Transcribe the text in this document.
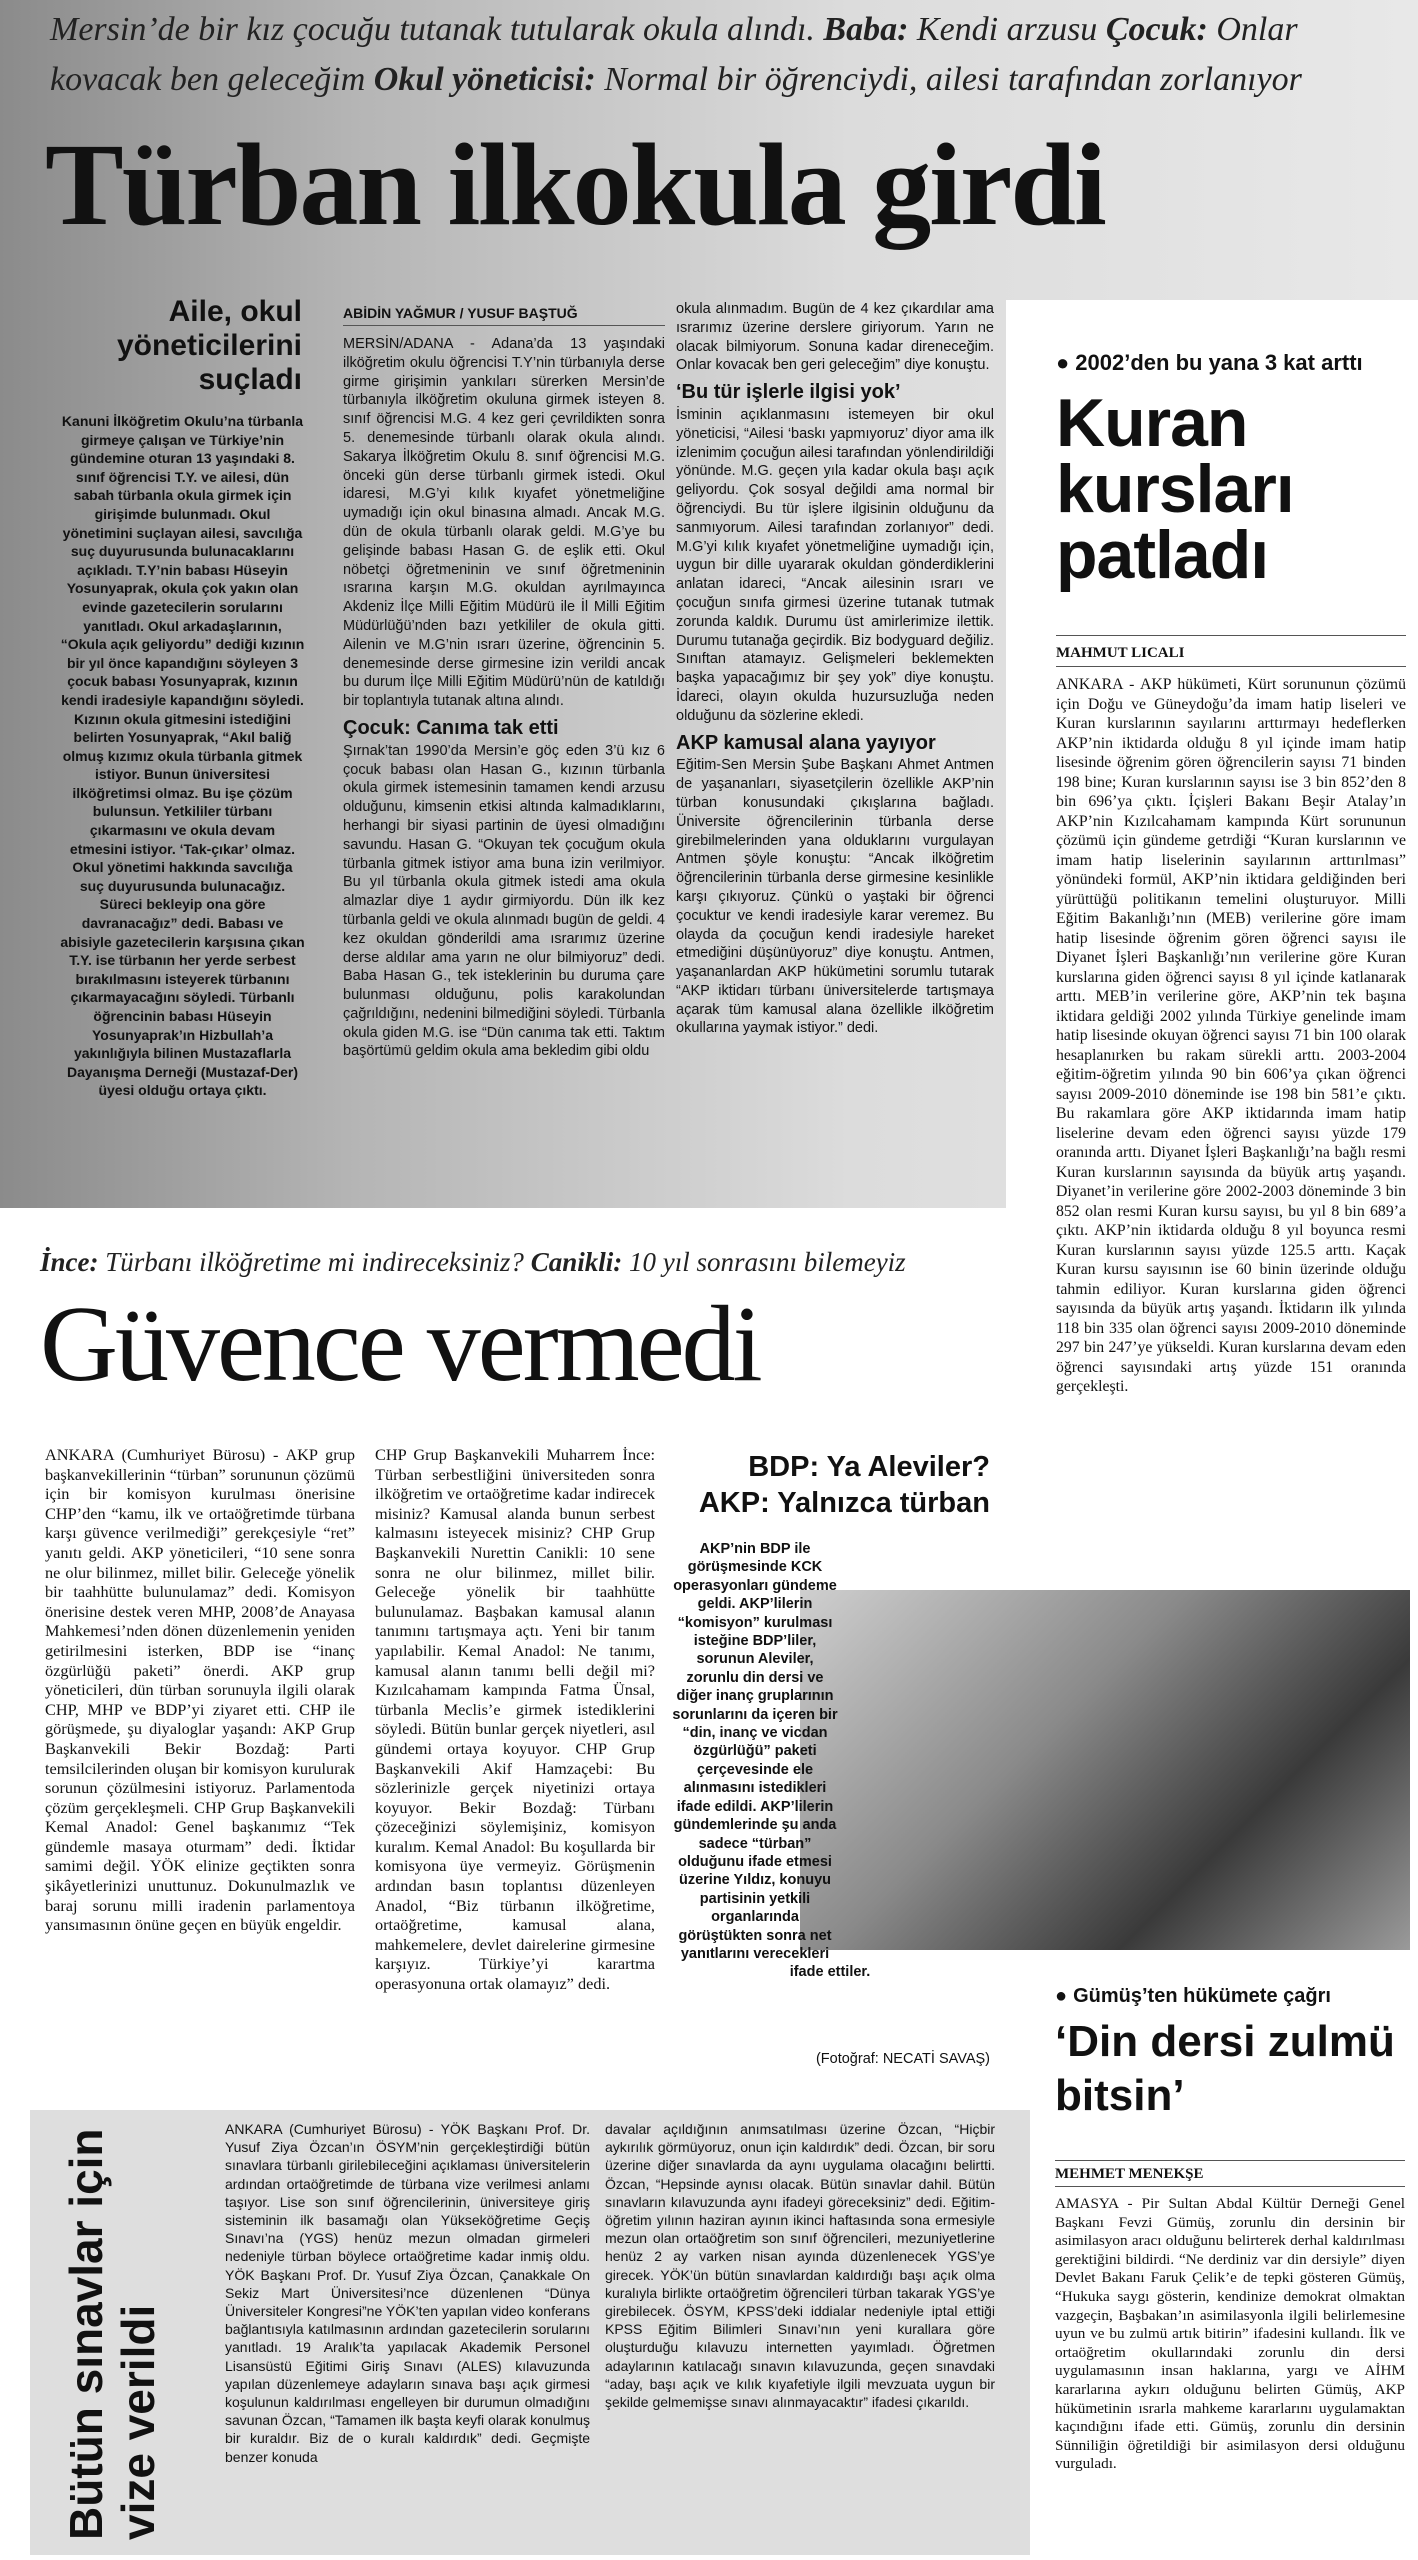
Mersin’de bir kız çocuğu tutanak tutularak okula alındı. Baba: Kendi arzusu Çocuk: Onlar
kovacak ben geleceğim Okul yöneticisi: Normal bir öğrenciydi, ailesi tarafından zorlanıyor
Türban ilkokula girdi
Aile, okul yöneticilerini suçladı
Kanuni İlköğretim Okulu’na türbanla girmeye çalışan ve Türkiye’nin gündemine oturan 13 yaşındaki 8. sınıf öğrencisi T.Y. ve ailesi, dün sabah türbanla okula girmek için girişimde bulunmadı. Okul yönetimini suçlayan ailesi, savcılığa suç duyurusunda bulunacaklarını açıkladı. T.Y’nin babası Hüseyin Yosunyaprak, okula çok yakın olan evinde gazetecilerin sorularını yanıtladı. Okul arkadaşlarının, “Okula açık geliyordu” dediği kızının bir yıl önce kapandığını söyleyen 3 çocuk babası Yosunyaprak, kızının kendi iradesiyle kapandığını söyledi. Kızının okula gitmesini istediğini belirten Yosunyaprak, “Akıl baliğ olmuş kızımız okula türbanla gitmek istiyor. Bunun üniversitesi ilköğretimsi olmaz. Bu işe çözüm bulunsun. Yetkililer türbanı çıkarmasını ve okula devam etmesini istiyor. ‘Tak-çıkar’ olmaz. Okul yönetimi hakkında savcılığa suç duyurusunda bulunacağız. Süreci bekleyip ona göre davranacağız” dedi. Babası ve abisiyle gazetecilerin karşısına çıkan T.Y. ise türbanın her yerde serbest bırakılmasını isteyerek türbanını çıkarmayacağını söyledi. Türbanlı öğrencinin babası Hüseyin Yosunyaprak’ın Hizbullah’a yakınlığıyla bilinen Mustazaflarla Dayanışma Derneği (Mustazaf-Der) üyesi olduğu ortaya çıktı.
ABİDİN YAĞMUR / YUSUF BAŞTUĞ

MERSİN/ADANA - Adana’da 13 yaşındaki ilköğretim okulu öğrencisi T.Y’nin türbanıyla derse girme girişimin yankıları sürerken Mersin’de türbanıyla ilköğretim okuluna girmek isteyen 8. sınıf öğrencisi M.G. 4 kez geri çevrildikten sonra 5. denemesinde türbanlı olarak okula alındı. Sakarya İlköğretim Okulu 8. sınıf öğrencisi M.G. önceki gün derse türbanlı girmek istedi. Okul idaresi, M.G’yi kılık kıyafet yönetmeliğine uymadığı için okul binasına almadı. Ancak M.G. dün de okula türbanlı olarak geldi. M.G’ye bu gelişinde babası Hasan G. de eşlik etti. Okul nöbetçi öğretmeninin ve sınıf öğretmeninin ısrarına karşın M.G. okuldan ayrılmayınca Akdeniz İlçe Milli Eğitim Müdürü ile İl Milli Eğitim Müdürlüğü’nden bazı yetkililer de okula gitti. Ailenin ve M.G’nin ısrarı üzerine, öğrencinin 5. denemesinde derse girmesine izin verildi ancak bu durum İlçe Milli Eğitim Müdürü’nün de katıldığı bir toplantıyla tutanak altına alındı.

Çocuk: Canıma tak etti

Şırnak’tan 1990’da Mersin’e göç eden 3’ü kız 6 çocuk babası olan Hasan G., kızının türbanla okula girmek istemesinin tamamen kendi arzusu olduğunu, kimsenin etkisi altında kalmadıklarını, herhangi bir siyasi partinin de üyesi olmadığını savundu. Hasan G. “Okuyan tek çocuğum okula türbanla gitmek istiyor ama buna izin verilmiyor. Bu yıl türbanla okula gitmek istedi ama okula almazlar diye 1 aydır girmiyordu. Dün ilk kez türbanla geldi ve okula alınmadı bugün de geldi. 4 kez okuldan gönderildi ama ısrarımız üzerine derse aldılar ama yarın ne olur bilmiyoruz” dedi. Baba Hasan G., tek isteklerinin bu duruma çare bulunması olduğunu, polis karakolundan çağrıldığını, nedenini bilmediğini söyledi. Türbanla okula giden M.G. ise “Dün canıma tak etti. Taktım başörtümü geldim okula ama bekledim gibi oldu

okula alınmadım. Bugün de 4 kez çıkardılar ama ısrarımız üzerine derslere giriyorum. Yarın ne olacak bilmiyorum. Sonuna kadar direneceğim. Onlar kovacak ben geri geleceğim” diye konuştu.

‘Bu tür işlerle ilgisi yok’

İsminin açıklanmasını istemeyen bir okul yöneticisi, “Ailesi ‘baskı yapmıyoruz’ diyor ama ilk izlenimim çocuğun ailesi tarafından yönlendirildiği yönünde. M.G. geçen yıla kadar okula başı açık geliyordu. Çok sosyal değildi ama normal bir öğrenciydi. Bu tür işlere ilgisinin olduğunu da sanmıyorum. Ailesi tarafından zorlanıyor” dedi. M.G’yi kılık kıyafet yönetmeliğine uymadığı için, uygun bir dille uyararak okuldan gönderdiklerini anlatan idareci, “Ancak ailesinin ısrarı ve çocuğun sınıfa girmesi üzerine tutanak tutmak zorunda kaldık. Durumu üst amirlerimize ilettik. Durumu tutanağa geçirdik. Biz bodyguard değiliz. Sınıftan atamayız. Gelişmeleri beklemekten başka yapacağımız bir şey yok” diye konuştu. İdareci, olayın okulda huzursuzluğa neden olduğunu da sözlerine ekledi.

AKP kamusal alana yayıyor

Eğitim-Sen Mersin Şube Başkanı Ahmet Antmen de yaşananları, siyasetçilerin özellikle AKP’nin türban konusundaki çıkışlarına bağladı. Üniversite öğrencilerinin türbanla derse girebilmelerinden yana olduklarını vurgulayan Antmen şöyle konuştu: “Ancak ilköğretim öğrencilerinin türbanla derse girmesine kesinlikle karşı çıkıyoruz. Çünkü o yaştaki bir öğrenci çocuktur ve kendi iradesiyle karar veremez. Bu olayda da çocuğun kendi iradesiyle hareket etmediğini düşünüyoruz” diye konuştu. Antmen, yaşananlardan AKP hükümetini sorumlu tutarak “AKP iktidarı türbanı üniversitelerde tartışmaya açarak tüm kamusal alana özellikle ilköğretim okullarına yaymak istiyor.” dedi.

● 2002’den bu yana 3 kat arttı
Kuran kursları patladı
MAHMUT LICALI
ANKARA - AKP hükümeti, Kürt sorununun çözümü için Doğu ve Güneydoğu’da imam hatip liseleri ve Kuran kurslarının sayılarını arttırmayı hedeflerken AKP’nin iktidarda olduğu 8 yıl içinde imam hatip lisesinde öğrenim gören öğrencilerin sayısı 71 binden 198 bine; Kuran kurslarının sayısı ise 3 bin 852’den 8 bin 696’ya çıktı. İçişleri Bakanı Beşir Atalay’ın AKP’nin Kızılcahamam kampında Kürt sorununun çözümü için gündeme getrdiği “Kuran kurslarının ve imam hatip liselerinin sayılarının arttırılması” yönündeki formül, AKP’nin iktidara geldiğinden beri yürüttüğü politikanın temelini oluşturuyor. Milli Eğitim Bakanlığı’nın (MEB) verilerine göre imam hatip lisesinde öğrenim gören öğrenci sayısı ile Diyanet İşleri Başkanlığı’nın verilerine göre Kuran kurslarına giden öğrenci sayısı 8 yıl içinde katlanarak arttı. MEB’in verilerine göre, AKP’nin tek başına iktidara geldiği 2002 yılında Türkiye genelinde imam hatip lisesinde okuyan öğrenci sayısı 71 bin 100 olarak hesaplanırken bu rakam sürekli arttı. 2003-2004 eğitim-öğretim yılında 90 bin 606’ya çıkan öğrenci sayısı 2009-2010 döneminde ise 198 bin 581’e çıktı. Bu rakamlara göre AKP iktidarında imam hatip liselerine devam eden öğrenci sayısı yüzde 179 oranında arttı. Diyanet İşleri Başkanlığı’na bağlı resmi Kuran kurslarının sayısında da büyük artış yaşandı. Diyanet’in verilerine göre 2002-2003 döneminde 3 bin 852 olan resmi Kuran kursu sayısı, bu yıl 8 bin 689’a çıktı. AKP’nin iktidarda olduğu 8 yıl boyunca resmi Kuran kurslarının sayısı yüzde 125.5 arttı. Kaçak Kuran kursu sayısının ise 60 binin üzerinde olduğu tahmin ediliyor. Kuran kurslarına giden öğrenci sayısında da büyük artış yaşandı. İktidarın ilk yılında 118 bin 335 olan öğrenci sayısı 2009-2010 döneminde 297 bin 247’ye yükseldi. Kuran kurslarına devam eden öğrenci sayısındaki artış yüzde 151 oranında gerçekleşti.
İnce: Türbanı ilköğretime mi indireceksiniz? Canikli: 10 yıl sonrasını bilemeyiz
Güvence vermedi
ANKARA (Cumhuriyet Bürosu) - AKP grup başkanvekillerinin “türban” sorununun çözümü için bir komisyon kurulması önerisine CHP’den “kamu, ilk ve ortaöğretimde türbana karşı güvence verilmediği” gerekçesiyle “ret” yanıtı geldi. AKP yöneticileri, “10 sene sonra ne olur bilinmez, millet bilir. Geleceğe yönelik bir taahhütte bulunulamaz” dedi. Komisyon önerisine destek veren MHP, 2008’de Anayasa Mahkemesi’nden dönen düzenlemenin yeniden getirilmesini isterken, BDP ise “inanç özgürlüğü paketi” önerdi. AKP grup yöneticileri, dün türban sorunuyla ilgili olarak CHP, MHP ve BDP’yi ziyaret etti. CHP ile görüşmede, şu diyaloglar yaşandı: AKP Grup Başkanvekili Bekir Bozdağ: Parti temsilcilerinden oluşan bir komisyon kurulurak sorunun çözülmesini istiyoruz. Parlamentoda çözüm gerçekleşmeli. CHP Grup Başkanvekili Kemal Anadol: Genel başkanımız “Tek gündemle masaya oturmam” dedi. İktidar samimi değil. YÖK elinize geçtikten sonra şikâyetlerinizi unuttunuz. Dokunulmazlık ve baraj sorunu milli iradenin parlamentoya yansımasının önüne geçen en büyük engeldir.
CHP Grup Başkanvekili Muharrem İnce: Türban serbestliğini üniversiteden sonra ilköğretim ve ortaöğretime kadar indirecek misiniz? Kamusal alanda bunun serbest kalmasını isteyecek misiniz? CHP Grup Başkanvekili Nurettin Canikli: 10 sene sonra ne olur bilinmez, millet bilir. Geleceğe yönelik bir taahhütte bulunulamaz. Başbakan kamusal alanın tanımını tartışmaya açtı. Yeni bir tanım yapılabilir. Kemal Anadol: Ne tanımı, kamusal alanın tanımı belli değil mi? Kızılcahamam kampında Fatma Ünsal, türbanla Meclis’e girmek istediklerini söyledi. Bütün bunlar gerçek niyetleri, asıl gündemi ortaya koyuyor. CHP Grup Başkanvekili Akif Hamzaçebi: Bu sözlerinizle gerçek niyetinizi ortaya koyuyor. Bekir Bozdağ: Türbanı çözeceğinizi söylemişiniz, komisyon kuralım. Kemal Anadol: Bu koşullarda bir komisyona üye vermeyiz. Görüşmenin ardından basın toplantısı düzenleyen Anadol, “Biz türbanın ilköğretime, ortaöğretime, kamusal alana, mahkemelere, devlet dairelerine girmesine karşıyız. Türkiye’yi karartma operasyonuna ortak olamayız” dedi.
BDP: Ya Aleviler?
AKP: Yalnızca türban
AKP’nin BDP ile görüşmesinde KCK operasyonları gündeme geldi. AKP’lilerin “komisyon” kurulması isteğine BDP’liler, sorunun Aleviler, zorunlu din dersi ve diğer inanç gruplarının sorunlarını da içeren bir “din, inanç ve vicdan özgürlüğü” paketi çerçevesinde ele alınmasını istedikleri ifade edildi. AKP’lilerin gündemlerinde şu anda sadece “türban” olduğunu ifade etmesi üzerine Yıldız, konuyu partisinin yetkili organlarında görüştükten sonra net yanıtlarını verecekleri ifade ettiler.
(Fotoğraf: NECATİ SAVAŞ)
● Gümüş’ten hükümete çağrı
‘Din dersi zulmü bitsin’
MEHMET MENEKŞE
AMASYA - Pir Sultan Abdal Kültür Derneği Genel Başkanı Fevzi Gümüş, zorunlu din dersinin bir asimilasyon aracı olduğunu belirterek derhal kaldırılması gerektiğini bildirdi. “Ne derdiniz var din dersiyle” diyen Devlet Bakanı Faruk Çelik’e de tepki gösteren Gümüş, “Hukuka saygı gösterin, kendinize demokrat olmaktan vazgeçin, Başbakan’ın asimilasyonla ilgili belirlemesine uyun ve bu zulmü artık bitirin” ifadesini kullandı. İlk ve ortaöğretim okullarındaki zorunlu din dersi uygulamasının insan haklarına, yargı ve AİHM kararlarına aykırı olduğunu belirten Gümüş, AKP hükümetinin ısrarla mahkeme kararlarını uygulamaktan kaçındığını ifade etti. Gümüş, zorunlu din dersinin Sünniliğin öğretildiği bir asimilasyon dersi olduğunu vurguladı.
Bütün sınavlar için vize verildi
ANKARA (Cumhuriyet Bürosu) - YÖK Başkanı Prof. Dr. Yusuf Ziya Özcan’ın ÖSYM’nin gerçekleştirdiği bütün sınavlara türbanlı girilebileceğini açıklaması üniversitelerin ardından ortaöğretimde de türbana vize verilmesi anlamı taşıyor. Lise son sınıf öğrencilerinin, üniversiteye giriş sisteminin ilk basamağı olan Yükseköğretime Geçiş Sınavı’na (YGS) henüz mezun olmadan girmeleri nedeniyle türban böylece ortaöğretime kadar inmiş oldu. YÖK Başkanı Prof. Dr. Yusuf Ziya Özcan, Çanakkale On Sekiz Mart Üniversitesi’nce düzenlenen “Dünya Üniversiteler Kongresi”ne YÖK’ten yapılan video konferans bağlantısıyla katılmasının ardından gazetecilerin sorularını yanıtladı. 19 Aralık’ta yapılacak Akademik Personel Lisansüstü Eğitimi Giriş Sınavı (ALES) kılavuzunda yapılan düzenlemeye adayların sınava başı açık girmesi koşulunun kaldırılması engelleyen bir durumun olmadığını savunan Özcan, “Tamamen ilk başta keyfi olarak konulmuş bir kuraldır. Biz de o kuralı kaldırdık” dedi. Geçmişte benzer konuda
davalar açıldığının anımsatılması üzerine Özcan, “Hiçbir aykırılık görmüyoruz, onun için kaldırdık” dedi. Özcan, bir soru üzerine diğer sınavlarda da aynı uygulama olacağını belirtti. Özcan, “Hepsinde aynısı olacak. Bütün sınavlar dahil. Bütün sınavların kılavuzunda aynı ifadeyi göreceksiniz” dedi. Eğitim-öğretim yılının haziran ayının ikinci haftasında sona ermesiyle mezun olan ortaöğretim son sınıf öğrencileri, mezuniyetlerine henüz 2 ay varken nisan ayında düzenlenecek YGS’ye girecek. YÖK’ün bütün sınavlardan kaldırdığı başı açık olma kuralıyla birlikte ortaöğretim öğrencileri türban takarak YGS’ye girebilecek. ÖSYM, KPSS’deki iddialar nedeniyle iptal ettiği KPSS Eğitim Bilimleri Sınavı’nın yeni kurallara göre oluşturduğu kılavuzu internetten yayımladı. Öğretmen adaylarının katılacağı sınavın kılavuzunda, geçen sınavdaki “aday, başı açık ve kılık kıyafetiyle ilgili mevzuata uygun bir şekilde gelmemişse sınavı alınmayacaktır” ifadesi çıkarıldı.
